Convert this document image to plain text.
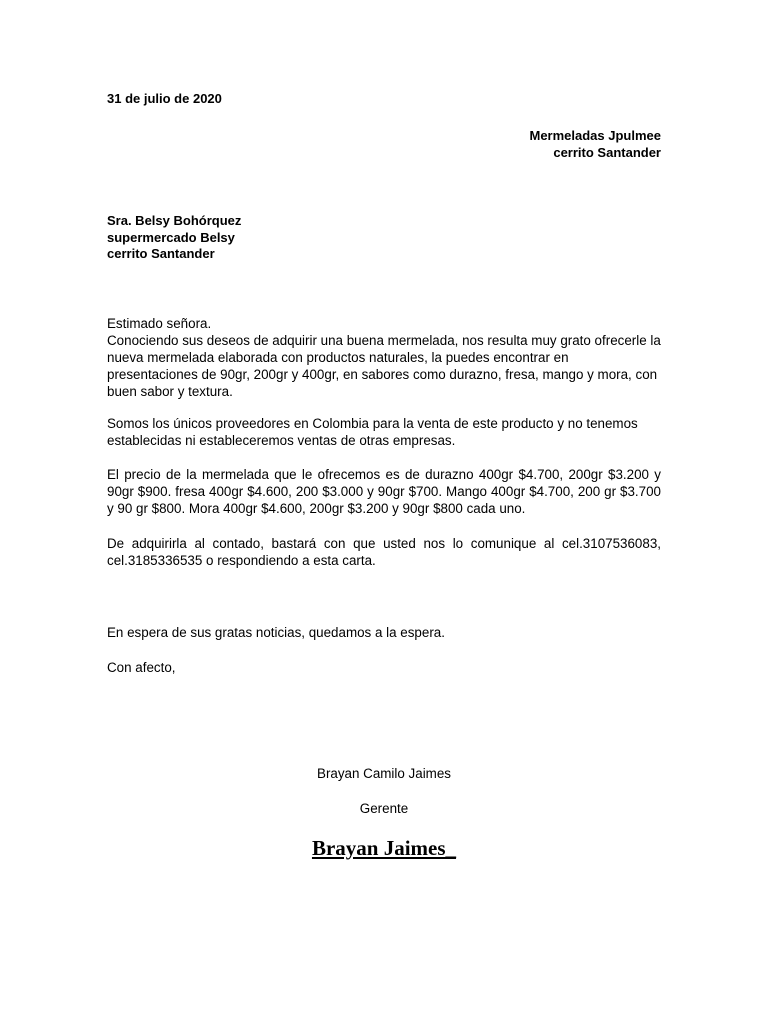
31 de julio de 2020
Mermeladas Jpulmee
cerrito Santander
Sra. Belsy Bohórquez
supermercado Belsy
cerrito Santander
Estimado señora.
Conociendo sus deseos de adquirir una buena mermelada, nos resulta muy grato ofrecerle la nueva mermelada elaborada con productos naturales, la puedes encontrar en presentaciones de 90gr, 200gr y 400gr, en sabores como durazno, fresa, mango y mora, con buen sabor y textura.
Somos los únicos proveedores en Colombia para la venta de este producto y no tenemos establecidas ni estableceremos ventas de otras empresas.
El precio de la mermelada que le ofrecemos es de durazno 400gr $4.700, 200gr $3.200 y 90gr $900. fresa 400gr $4.600, 200 $3.000 y 90gr $700. Mango 400gr $4.700, 200 gr $3.700 y 90 gr $800. Mora 400gr $4.600, 200gr $3.200 y 90gr $800 cada uno.
De adquirirla al contado, bastará con que usted nos lo comunique al cel.3107536083, cel.3185336535 o respondiendo a esta carta.
En espera de sus gratas noticias, quedamos a la espera.
Con afecto,
Brayan Camilo Jaimes
Gerente
Brayan Jaimes_
